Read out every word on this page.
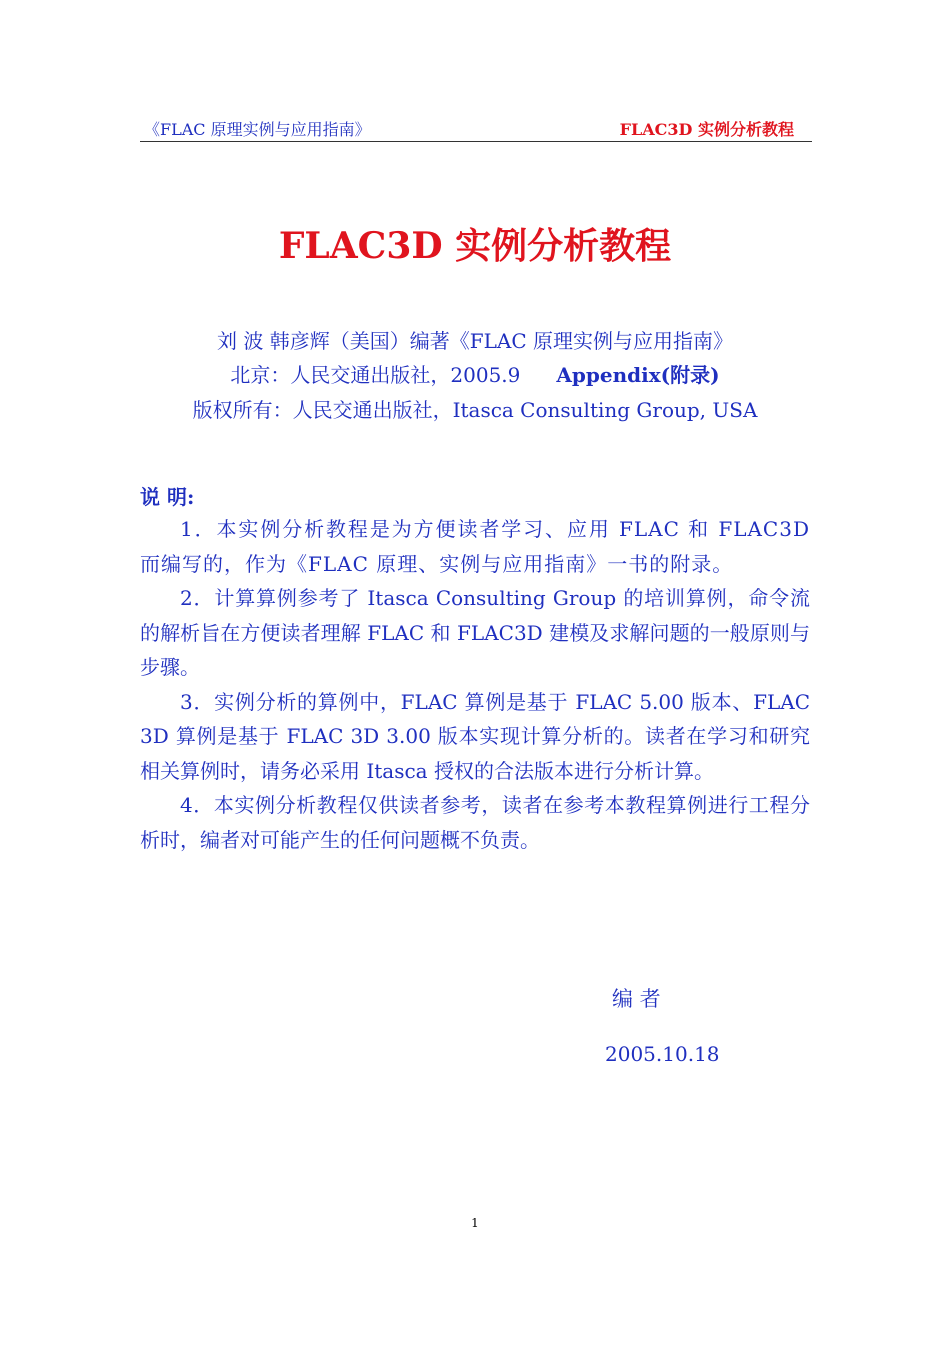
《FLAC 原理实例与应用指南》	FLAC3D 实例分析教程
FLAC3D 实例分析教程
刘 波 韩彦辉（美国）编著《FLAC 原理实例与应用指南》
北京：人民交通出版社，2005.9 Appendix(附录)
版权所有：人民交通出版社，Itasca Consulting Group, USA
说 明:

1．本实例分析教程是为方便读者学习、应用 FLAC 和 FLAC3D 而编写的，作为《FLAC 原理、实例与应用指南》一书的附录。

2．计算算例参考了 Itasca Consulting Group 的培训算例，命令流的解析旨在方便读者理解 FLAC 和 FLAC3D 建模及求解问题的一般原则与步骤。

3．实例分析的算例中，FLAC 算例是基于 FLAC 5.00 版本、FLAC 3D 算例是基于 FLAC 3D 3.00 版本实现计算分析的。读者在学习和研究相关算例时，请务必采用 Itasca 授权的合法版本进行分析计算。

4．本实例分析教程仅供读者参考，读者在参考本教程算例进行工程分析时，编者对可能产生的任何问题概不负责。

编 者
2005.10.18
1
